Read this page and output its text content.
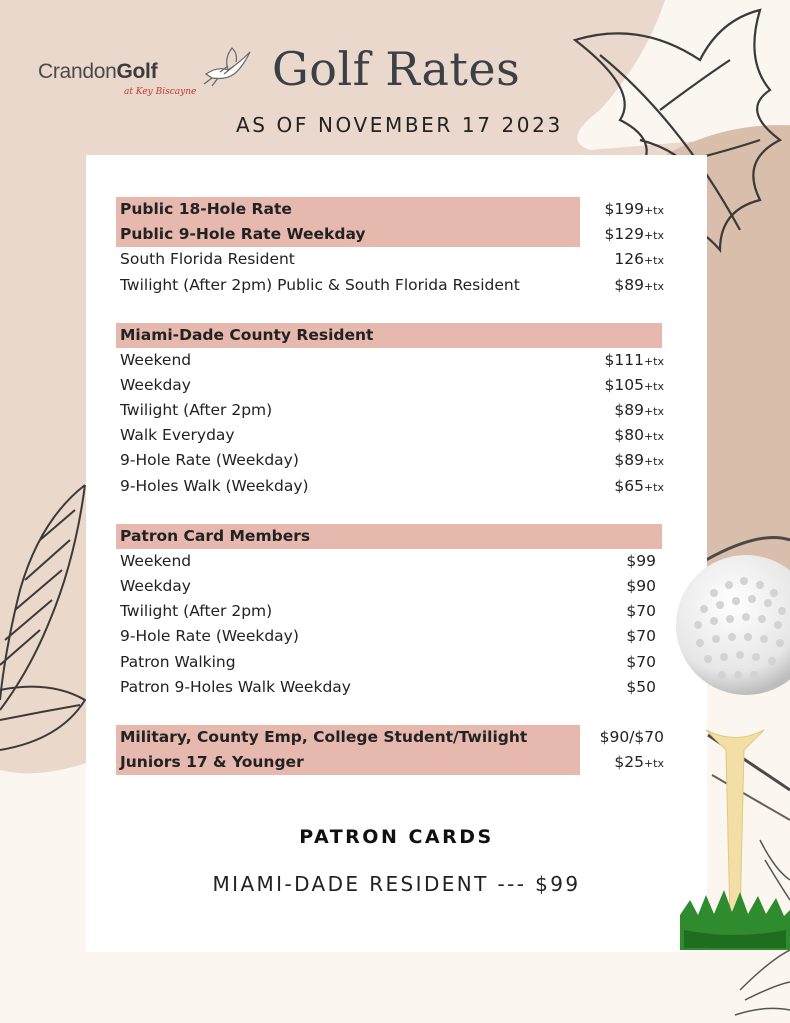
CrandonGolf
at Key Biscayne Golf Rates
AS OF NOVEMBER 17 2023
Public 18-Hole Rate	$199+tx
Public 9-Hole Rate Weekday	$129+tx
South Florida Resident	126+tx
Twilight (After 2pm) Public & South Florida Resident	$89+tx
Miami-Dade County Resident
Weekend	$111+tx
Weekday	$105+tx
Twilight (After 2pm)	$89+tx
Walk Everyday	$80+tx
9-Hole Rate (Weekday)	$89+tx
9-Holes Walk (Weekday)	$65+tx
Patron Card Members
Weekend	$99
Weekday	$90
Twilight (After 2pm)	$70
9-Hole Rate (Weekday)	$70
Patron Walking	$70
Patron 9-Holes Walk Weekday	$50
Military, County Emp, College Student/Twilight	$90/$70
Juniors 17 & Younger	$25+tx
PATRON CARDS
MIAMI-DADE RESIDENT --- $99
